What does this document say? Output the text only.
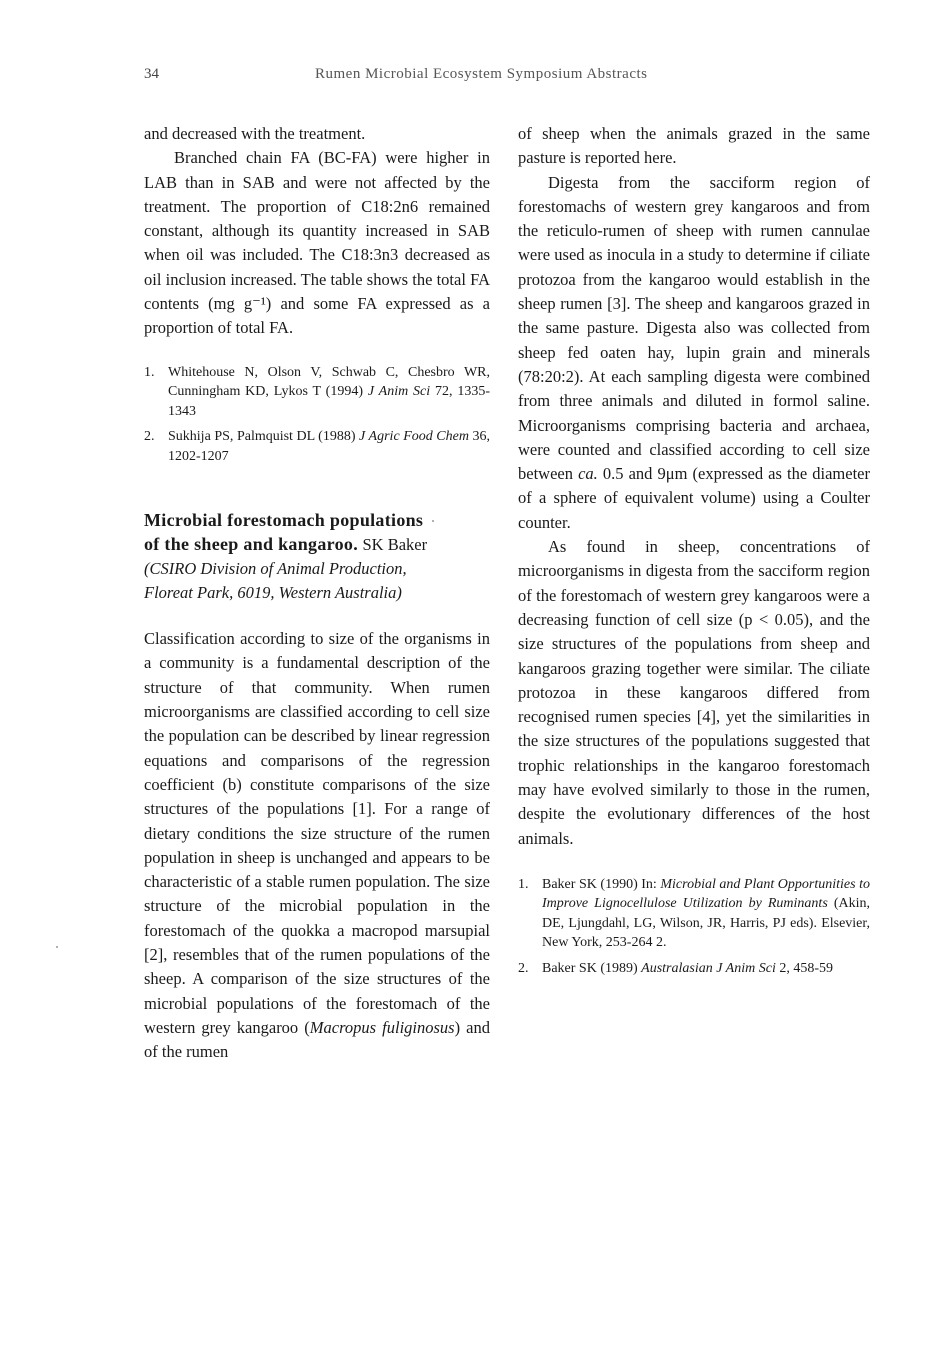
34	Rumen Microbial Ecosystem Symposium Abstracts

and decreased with the treatment.

Branched chain FA (BC-FA) were higher in LAB than in SAB and were not affected by the treatment. The proportion of C18:2n6 remained constant, although its quantity increased in SAB when oil was included. The C18:3n3 decreased as oil inclusion increased. The table shows the total FA contents (mg g⁻¹) and some FA expressed as a proportion of total FA.

1. Whitehouse N, Olson V, Schwab C, Chesbro WR, Cunningham KD, Lykos T (1994) J Anim Sci 72, 1335-1343
2. Sukhija PS, Palmquist DL (1988) J Agric Food Chem 36, 1202-1207
Microbial forestomach populations
of the sheep and kangaroo. SK Baker
(CSIRO Division of Animal Production,
Floreat Park, 6019, Western Australia)

Classification according to size of the organisms in a community is a fundamental description of the structure of that community. When rumen microorganisms are classified according to cell size the population can be described by linear regression equations and comparisons of the regression coefficient (b) constitute comparisons of the size structures of the populations [1]. For a range of dietary conditions the size structure of the rumen population in sheep is unchanged and appears to be characteristic of a stable rumen population. The size structure of the microbial population in the forestomach of the quokka a macropod marsupial [2], resembles that of the rumen populations of the sheep. A comparison of the size structures of the microbial populations of the forestomach of the western grey kangaroo (Macropus fuliginosus) and of the rumen

of sheep when the animals grazed in the same pasture is reported here.

Digesta from the sacciform region of forestomachs of western grey kangaroos and from the reticulo-rumen of sheep with rumen cannulae were used as inocula in a study to determine if ciliate protozoa from the kangaroo would establish in the sheep rumen [3]. The sheep and kangaroos grazed in the same pasture. Digesta also was collected from sheep fed oaten hay, lupin grain and minerals (78:20:2). At each sampling digesta were combined from three animals and diluted in formol saline. Microorganisms comprising bacteria and archaea, were counted and classified according to cell size between ca. 0.5 and 9μm (expressed as the diameter of a sphere of equivalent volume) using a Coulter counter.

As found in sheep, concentrations of microorganisms in digesta from the sacciform region of the forestomach of western grey kangaroos were a decreasing function of cell size (p < 0.05), and the size structures of the populations from sheep and kangaroos grazing together were similar. The ciliate protozoa in these kangaroos differed from recognised rumen species [4], yet the similarities in the size structures of the populations suggested that trophic relationships in the kangaroo forestomach may have evolved similarly to those in the rumen, despite the evolutionary differences of the host animals.

1. Baker SK (1990) In: Microbial and Plant Opportunities to Improve Lignocellulose Utilization by Ruminants (Akin, DE, Ljungdahl, LG, Wilson, JR, Harris, PJ eds). Elsevier, New York, 253-264 2.
2. Baker SK (1989) Australasian J Anim Sci 2, 458-59
